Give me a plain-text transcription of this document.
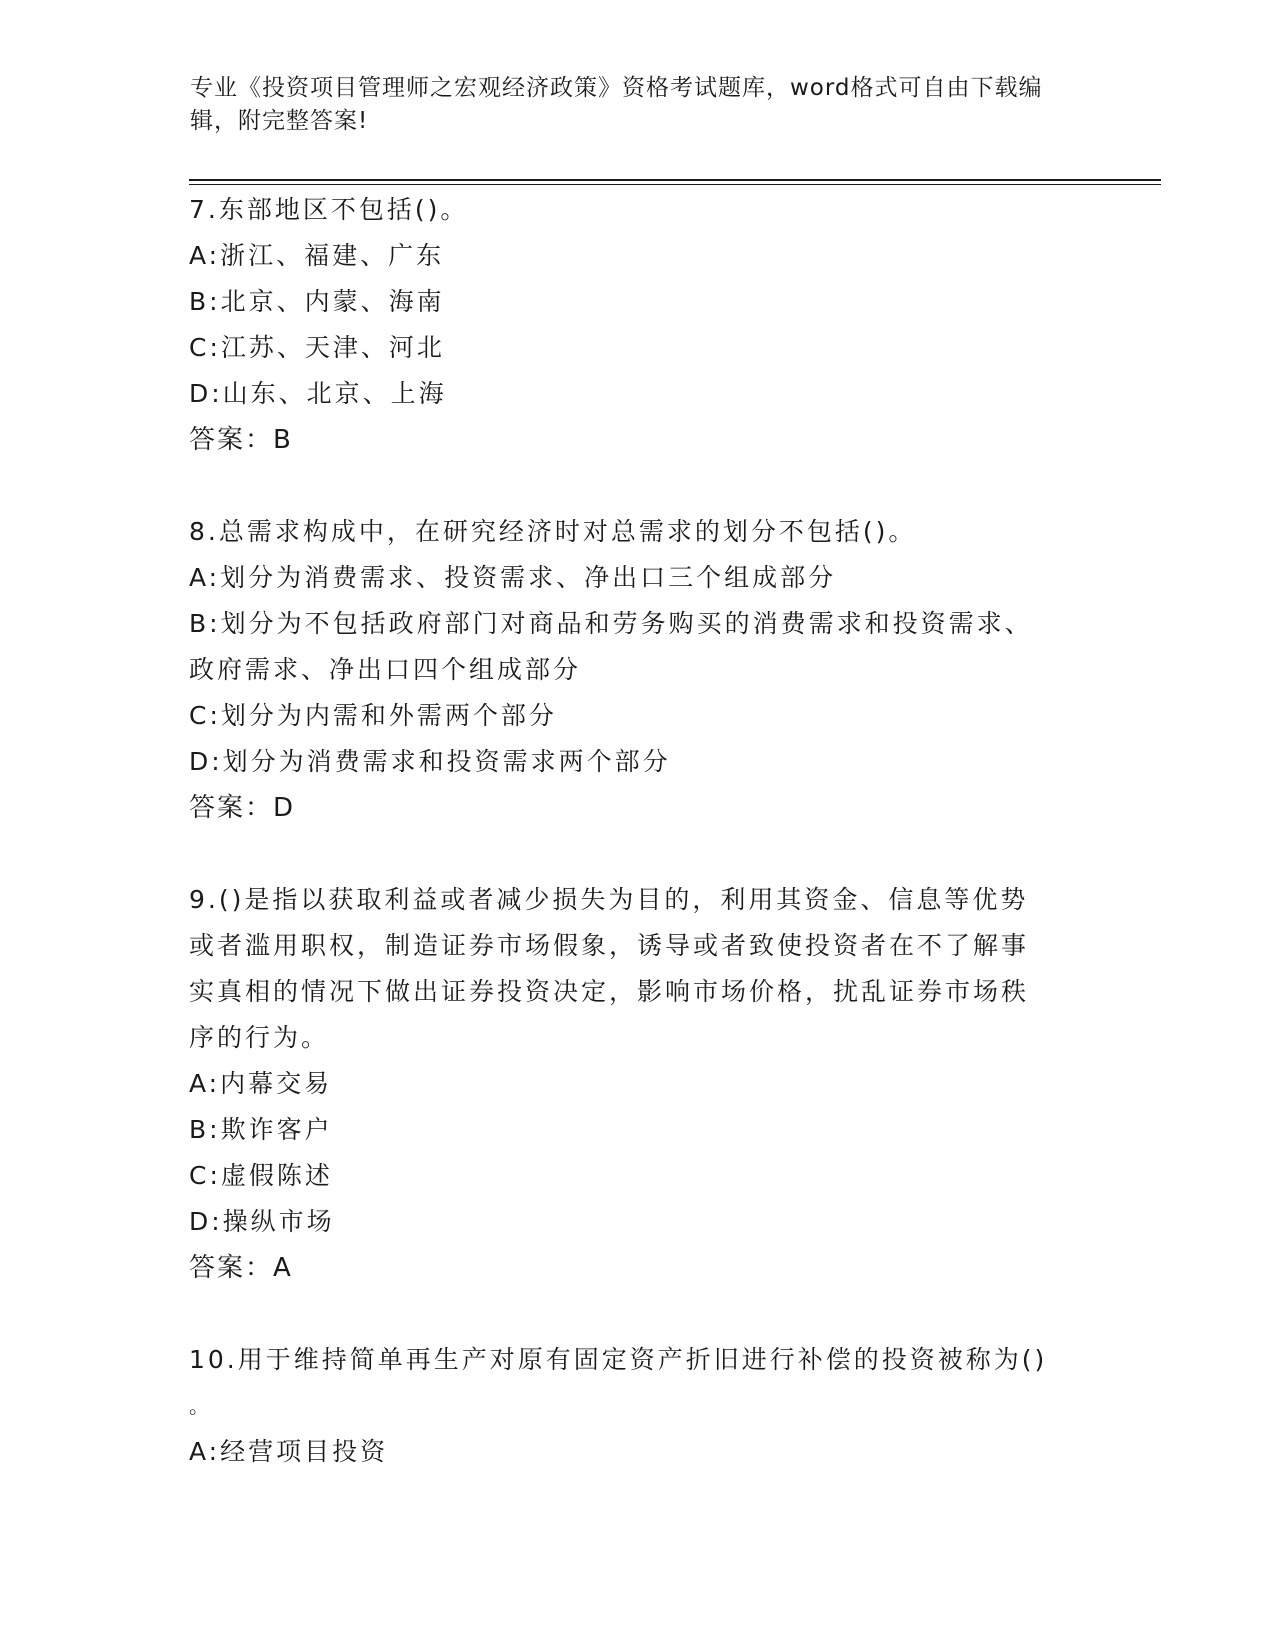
专业《投资项目管理师之宏观经济政策》资格考试题库，word格式可自由下载编
辑，附完整答案!
7.东部地区不包括()。
A:浙江、福建、广东
B:北京、内蒙、海南
C:江苏、天津、河北
D:山东、北京、上海
答案：B
8.总需求构成中，在研究经济时对总需求的划分不包括()。
A:划分为消费需求、投资需求、净出口三个组成部分
B:划分为不包括政府部门对商品和劳务购买的消费需求和投资需求、
政府需求、净出口四个组成部分
C:划分为内需和外需两个部分
D:划分为消费需求和投资需求两个部分
答案：D
9.()是指以获取利益或者减少损失为目的，利用其资金、信息等优势
或者滥用职权，制造证券市场假象，诱导或者致使投资者在不了解事
实真相的情况下做出证券投资决定，影响市场价格，扰乱证券市场秩
序的行为。
A:内幕交易
B:欺诈客户
C:虚假陈述
D:操纵市场
答案：A
10.用于维持简单再生产对原有固定资产折旧进行补偿的投资被称为()
。
A:经营项目投资
